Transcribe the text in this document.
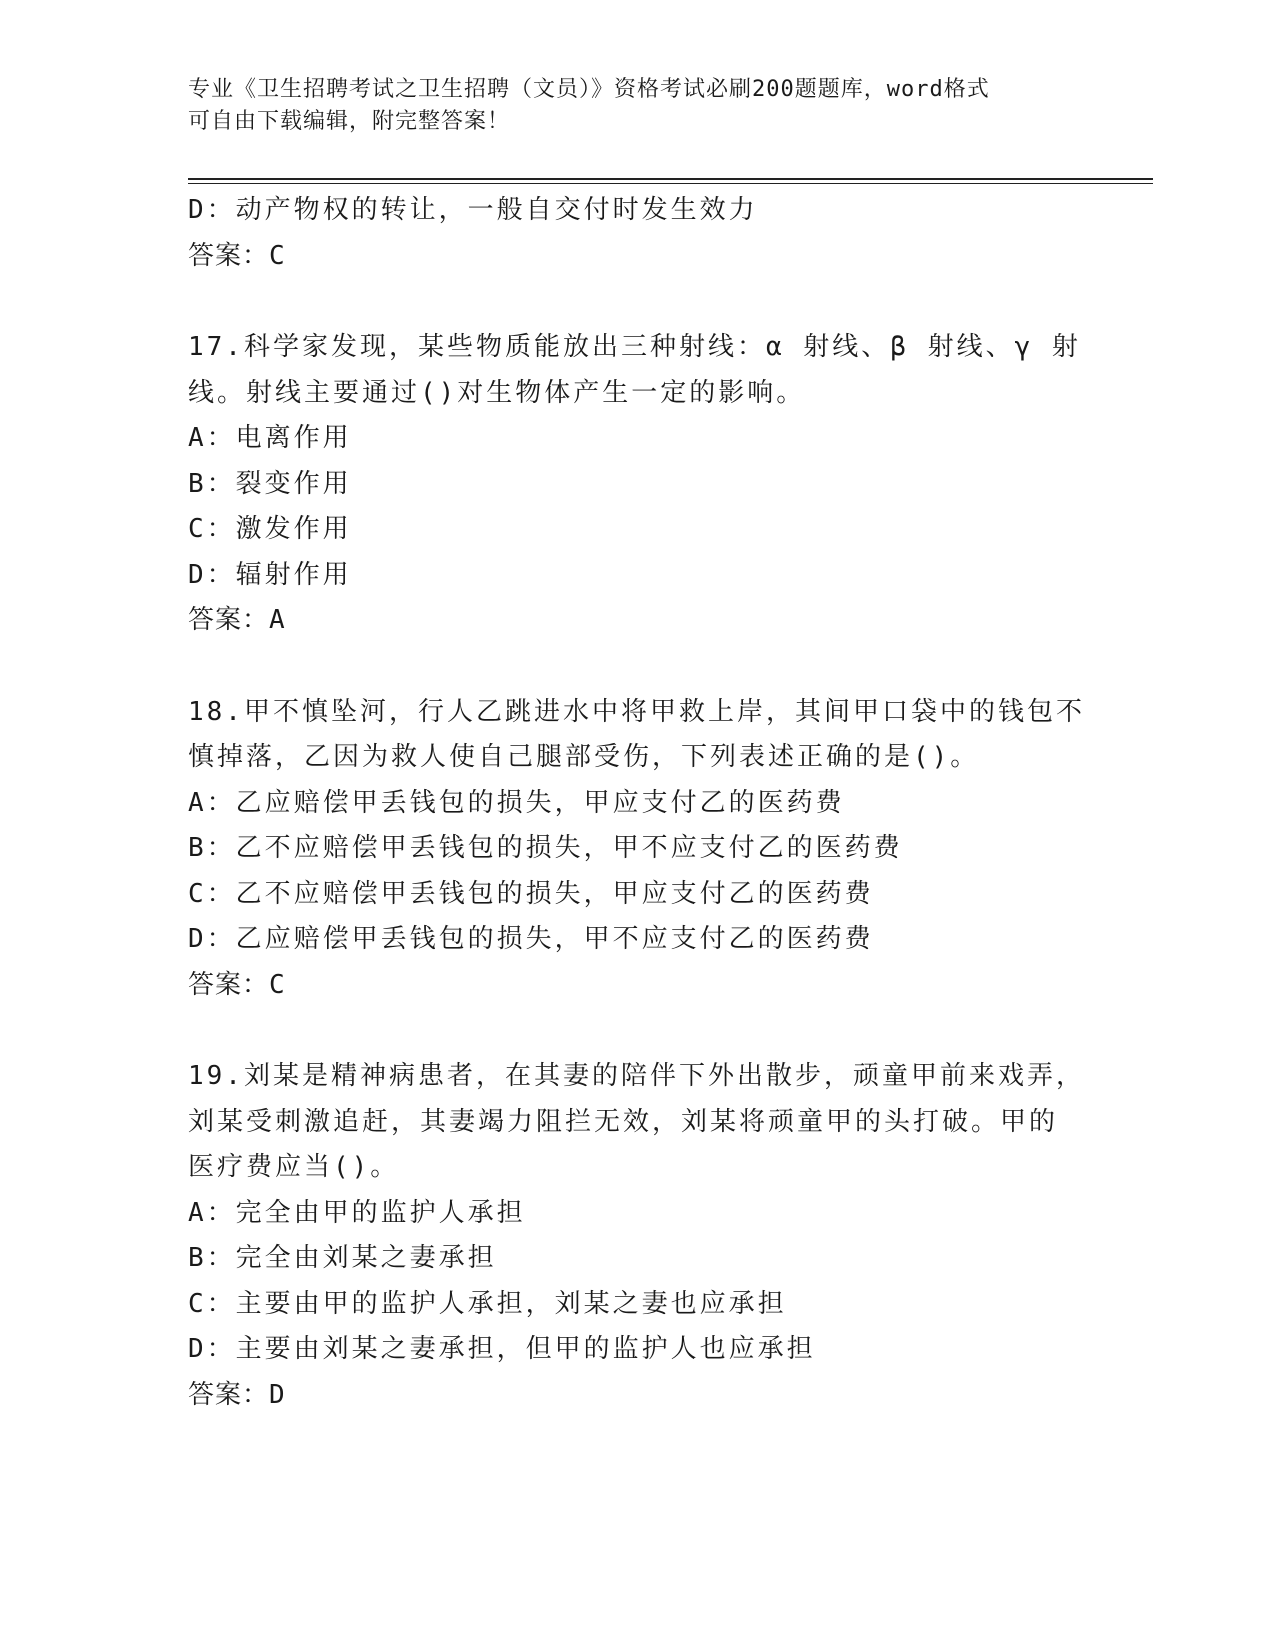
专业《卫生招聘考试之卫生招聘（文员）》资格考试必刷200题题库，word格式
可自由下载编辑，附完整答案！
D：动产物权的转让，一般自交付时发生效力
答案：C
17.科学家发现，某些物质能放出三种射线：α 射线、β 射线、γ 射
线。射线主要通过()对生物体产生一定的影响。
A：电离作用
B：裂变作用
C：激发作用
D：辐射作用
答案：A
18.甲不慎坠河，行人乙跳进水中将甲救上岸，其间甲口袋中的钱包不
慎掉落，乙因为救人使自己腿部受伤，下列表述正确的是()。
A：乙应赔偿甲丢钱包的损失，甲应支付乙的医药费
B：乙不应赔偿甲丢钱包的损失，甲不应支付乙的医药费
C：乙不应赔偿甲丢钱包的损失，甲应支付乙的医药费
D：乙应赔偿甲丢钱包的损失，甲不应支付乙的医药费
答案：C
19.刘某是精神病患者，在其妻的陪伴下外出散步，顽童甲前来戏弄，
刘某受刺激追赶，其妻竭力阻拦无效，刘某将顽童甲的头打破。甲的
医疗费应当()。
A：完全由甲的监护人承担
B：完全由刘某之妻承担
C：主要由甲的监护人承担，刘某之妻也应承担
D：主要由刘某之妻承担，但甲的监护人也应承担
答案：D
